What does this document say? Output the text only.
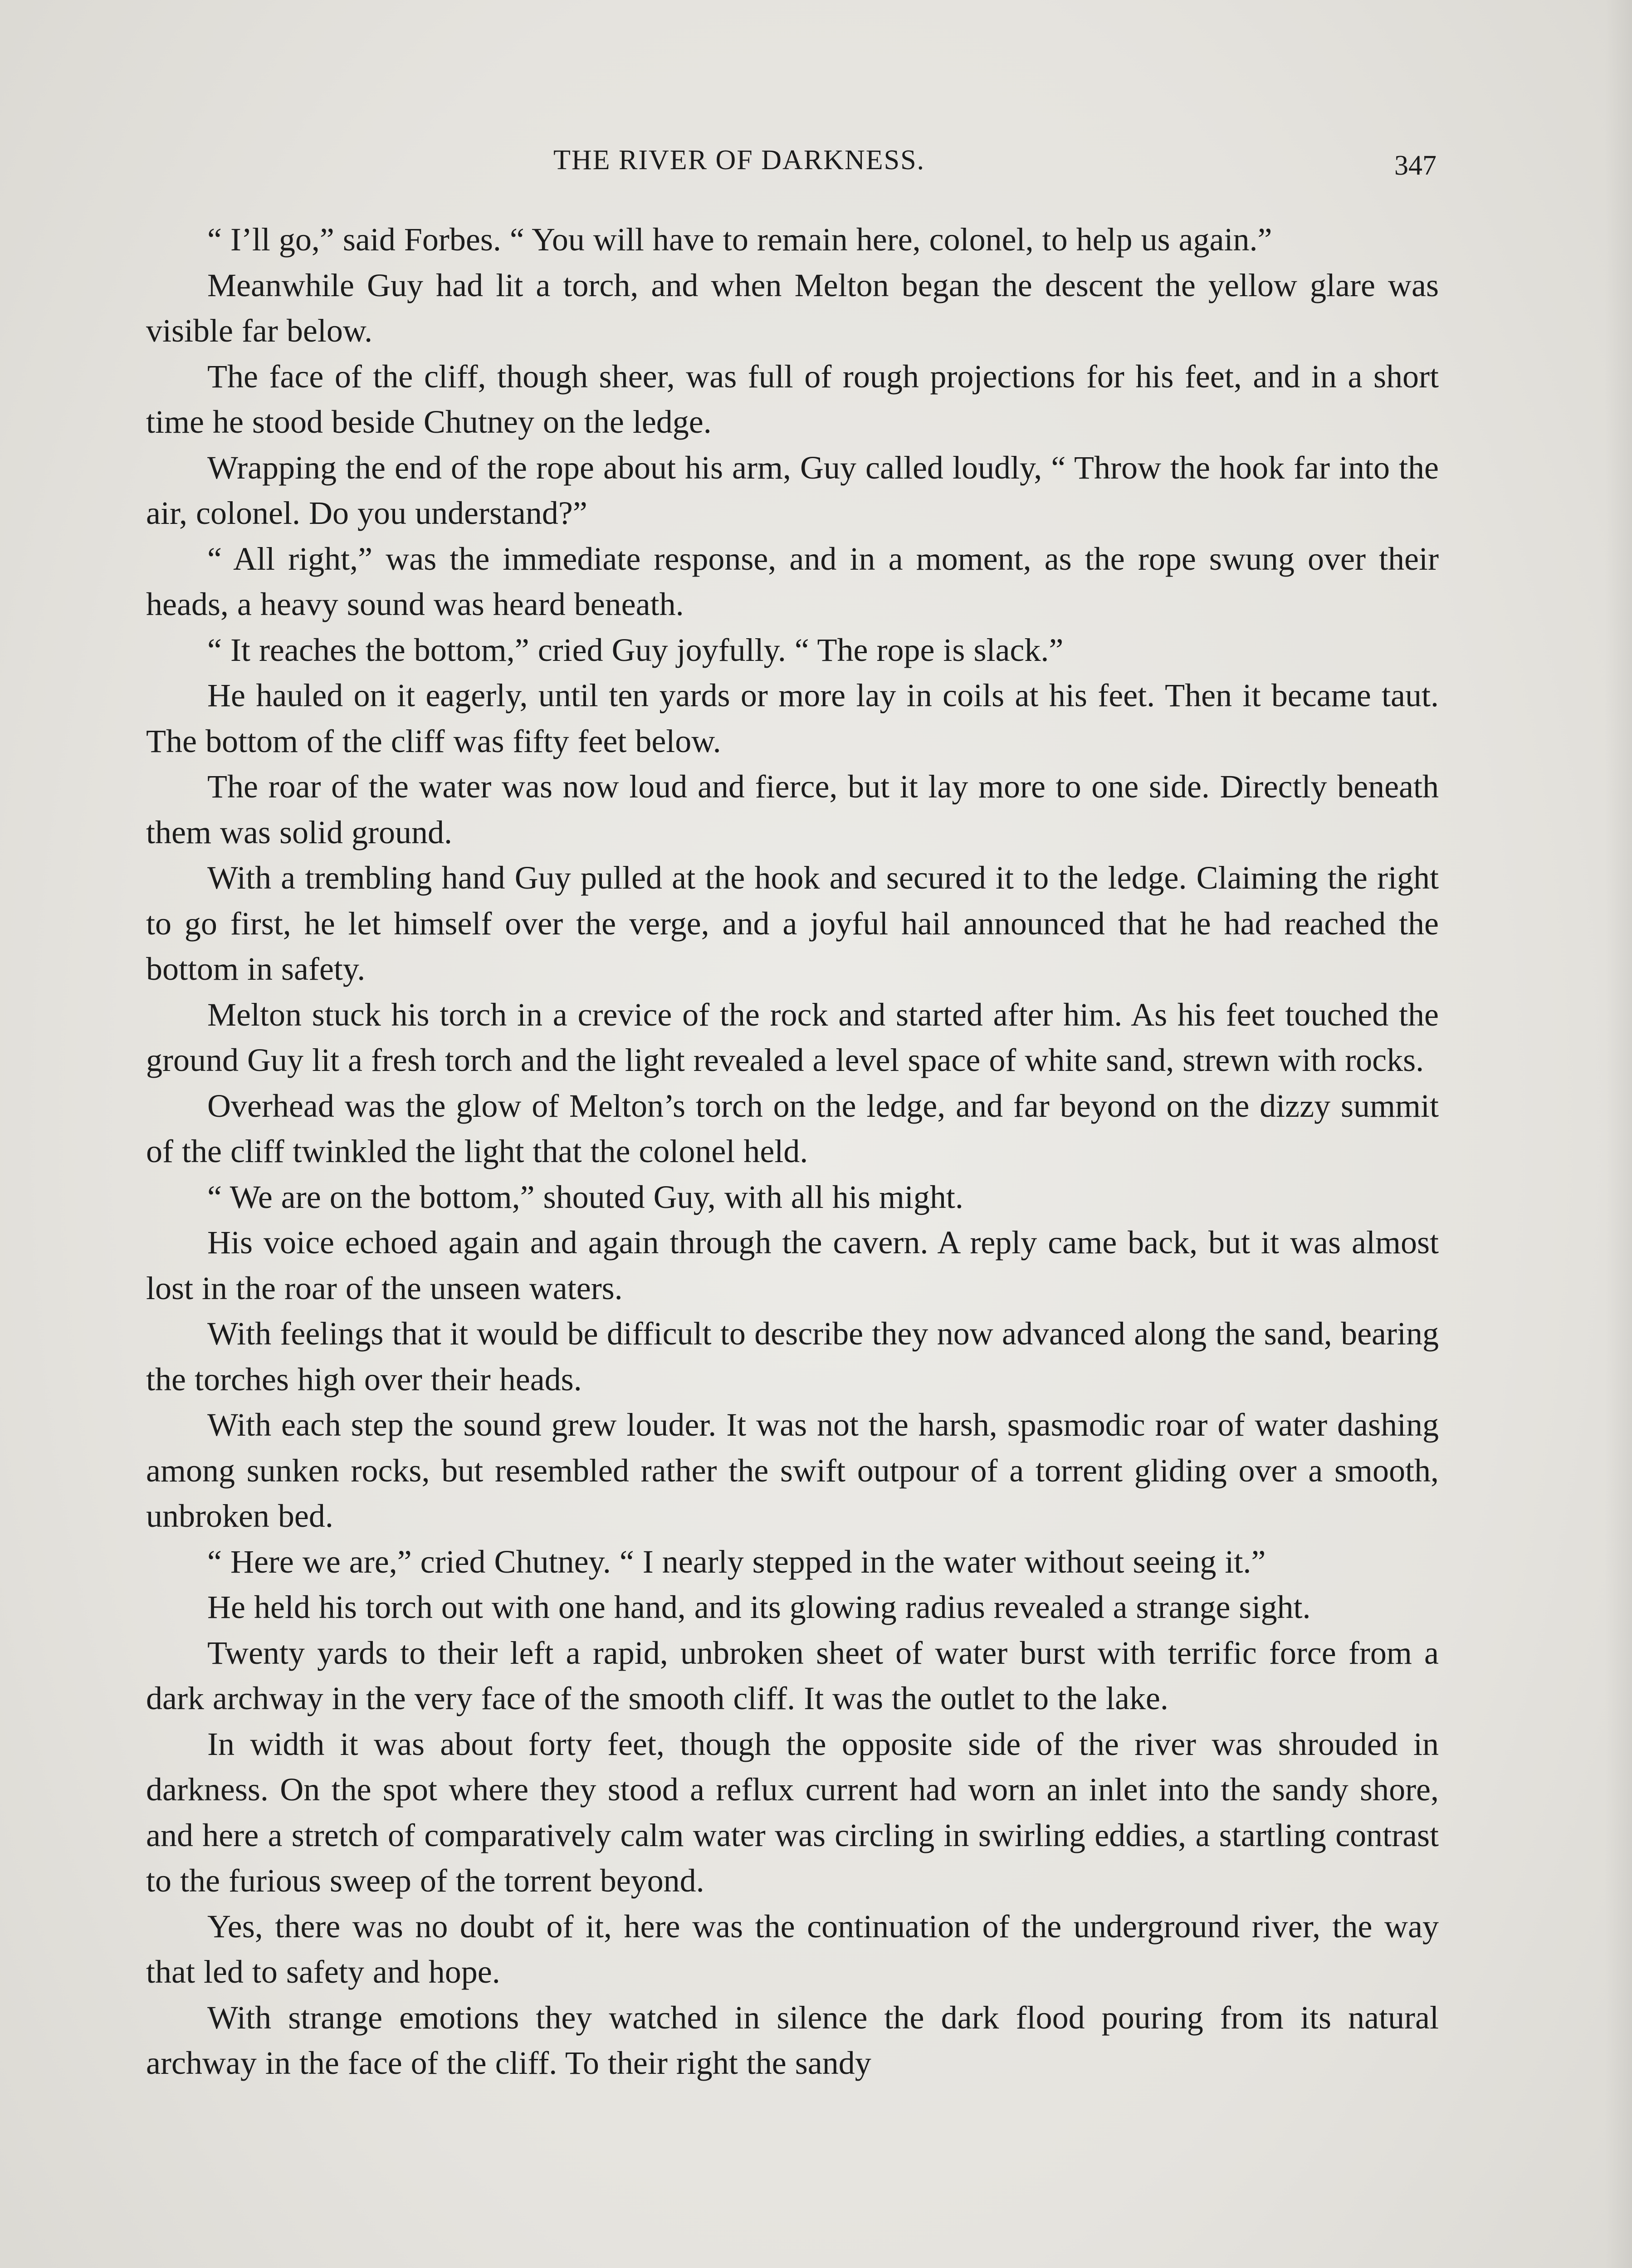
THE RIVER OF DARKNESS.	347

“ I’ll go,” said Forbes. “ You will have to remain here, colonel, to help us again.”

Meanwhile Guy had lit a torch, and when Melton began the descent the yellow glare was visible far below.

The face of the cliff, though sheer, was full of rough projections for his feet, and in a short time he stood beside Chutney on the ledge.

Wrapping the end of the rope about his arm, Guy called loudly, “ Throw the hook far into the air, colonel. Do you understand?”

“ All right,” was the immediate response, and in a moment, as the rope swung over their heads, a heavy sound was heard beneath.

“ It reaches the bottom,” cried Guy joyfully. “ The rope is slack.”

He hauled on it eagerly, until ten yards or more lay in coils at his feet. Then it became taut. The bottom of the cliff was fifty feet below.

The roar of the water was now loud and fierce, but it lay more to one side. Directly beneath them was solid ground.

With a trembling hand Guy pulled at the hook and secured it to the ledge. Claiming the right to go first, he let himself over the verge, and a joyful hail announced that he had reached the bottom in safety.

Melton stuck his torch in a crevice of the rock and started after him. As his feet touched the ground Guy lit a fresh torch and the light revealed a level space of white sand, strewn with rocks.

Overhead was the glow of Melton’s torch on the ledge, and far beyond on the dizzy summit of the cliff twinkled the light that the colonel held.

“ We are on the bottom,” shouted Guy, with all his might.

His voice echoed again and again through the cavern. A reply came back, but it was almost lost in the roar of the unseen waters.

With feelings that it would be difficult to describe they now advanced along the sand, bearing the torches high over their heads.

With each step the sound grew louder. It was not the harsh, spasmodic roar of water dashing among sunken rocks, but resembled rather the swift outpour of a torrent gliding over a smooth, unbroken bed.

“ Here we are,” cried Chutney. “ I nearly stepped in the water without seeing it.”

He held his torch out with one hand, and its glowing radius revealed a strange sight.

Twenty yards to their left a rapid, unbroken sheet of water burst with terrific force from a dark archway in the very face of the smooth cliff. It was the outlet to the lake.

In width it was about forty feet, though the opposite side of the river was shrouded in darkness. On the spot where they stood a reflux current had worn an inlet into the sandy shore, and here a stretch of comparatively calm water was circling in swirling eddies, a startling contrast to the furious sweep of the torrent beyond.

Yes, there was no doubt of it, here was the continuation of the underground river, the way that led to safety and hope.

With strange emotions they watched in silence the dark flood pouring from its natural archway in the face of the cliff. To their right the sandy
